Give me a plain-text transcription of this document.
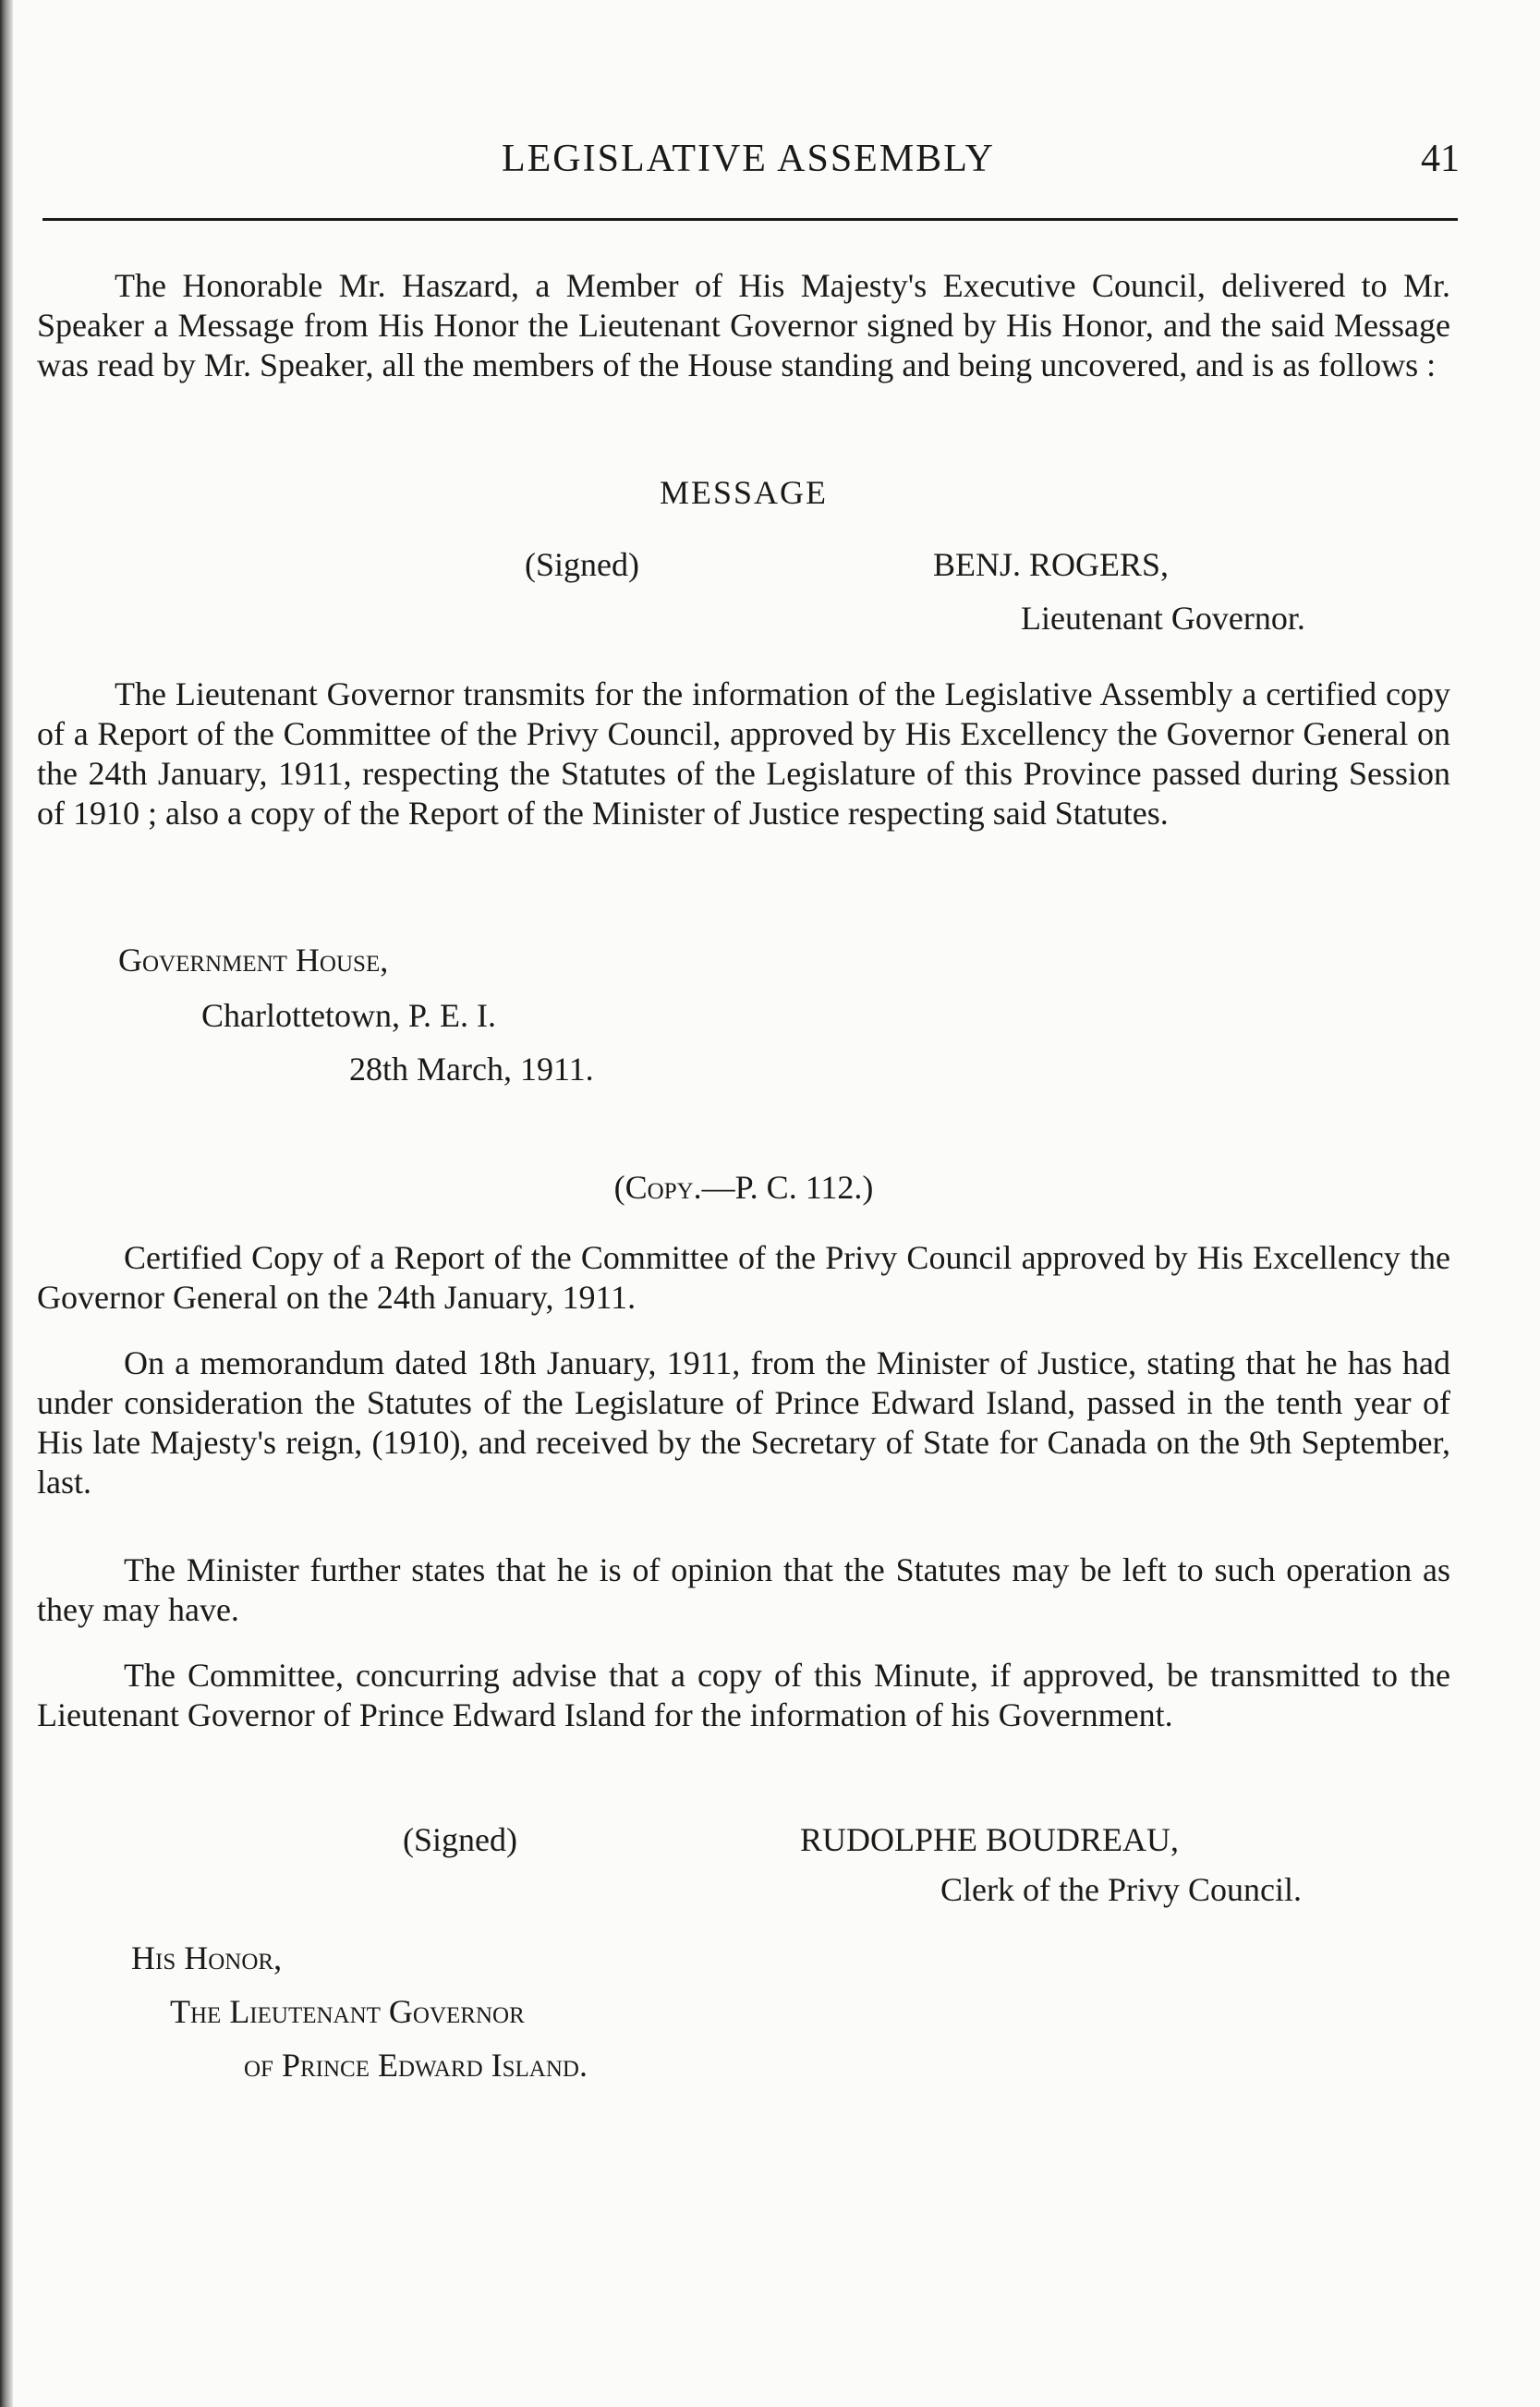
LEGISLATIVE ASSEMBLY	41

The Honorable Mr. Haszard, a Member of His Majesty's Executive Council, delivered to Mr. Speaker a Message from His Honor the Lieutenant Governor signed by His Honor, and the said Message was read by Mr. Speaker, all the members of the House standing and being uncovered, and is as follows :

MESSAGE
(Signed)	BENJ. ROGERS,
Lieutenant Governor.

The Lieutenant Governor transmits for the information of the Legislative Assembly a certified copy of a Report of the Committee of the Privy Council, approved by His Excellency the Governor General on the 24th January, 1911, respecting the Statutes of the Legislature of this Province passed during Session of 1910 ; also a copy of the Report of the Minister of Justice respecting said Statutes.

Government House,
Charlottetown, P. E. I.
28th March, 1911.
(Copy.—P. C. 112.)

Certified Copy of a Report of the Committee of the Privy Council approved by His Excellency the Governor General on the 24th January, 1911.

On a memorandum dated 18th January, 1911, from the Minister of Justice, stating that he has had under consideration the Statutes of the Legislature of Prince Edward Island, passed in the tenth year of His late Majesty's reign, (1910), and received by the Secretary of State for Canada on the 9th September, last.

The Minister further states that he is of opinion that the Statutes may be left to such operation as they may have.

The Committee, concurring advise that a copy of this Minute, if approved, be transmitted to the Lieutenant Governor of Prince Edward Island for the information of his Government.

(Signed)	RUDOLPHE BOUDREAU,
Clerk of the Privy Council.
His Honor,
The Lieutenant Governor
of Prince Edward Island.
